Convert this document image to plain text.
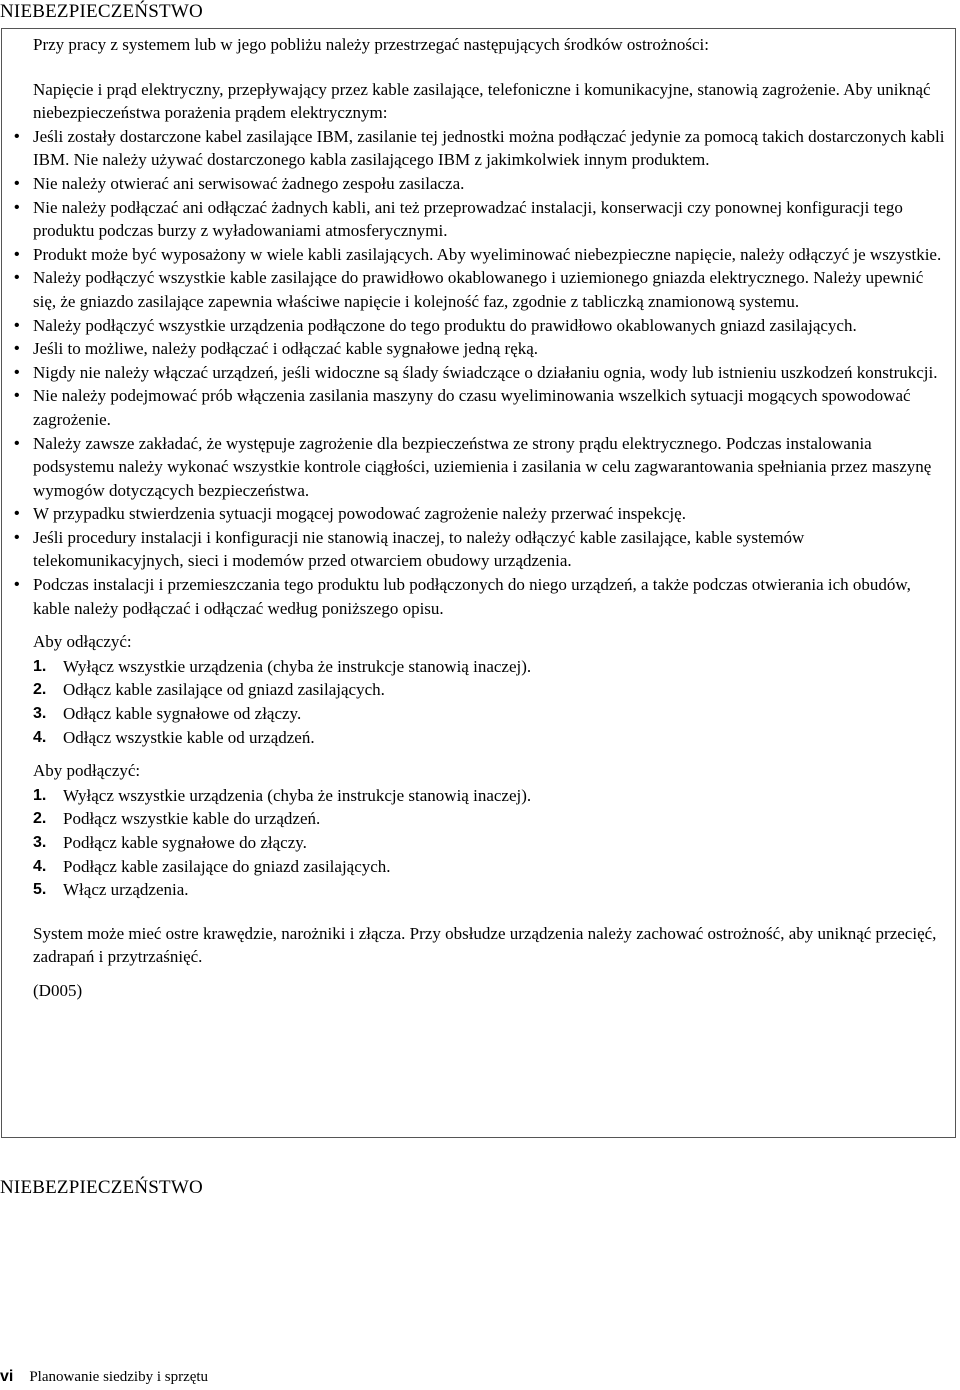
NIEBEZPIECZEŃSTWO

Przy pracy z systemem lub w jego pobliżu należy przestrzegać następujących środków ostrożności:

Napięcie i prąd elektryczny, przepływający przez kable zasilające, telefoniczne i komunikacyjne, stanowią zagrożenie. Aby uniknąć niebezpieczeństwa porażenia prądem elektrycznym:

• Jeśli zostały dostarczone kabel zasilające IBM, zasilanie tej jednostki można podłączać jedynie za pomocą takich dostarczonych kabli IBM. Nie należy używać dostarczonego kabla zasilającego IBM z jakimkolwiek innym produktem.
• Nie należy otwierać ani serwisować żadnego zespołu zasilacza.
• Nie należy podłączać ani odłączać żadnych kabli, ani też przeprowadzać instalacji, konserwacji czy ponownej konfiguracji tego produktu podczas burzy z wyładowaniami atmosferycznymi.
• Produkt może być wyposażony w wiele kabli zasilających. Aby wyeliminować niebezpieczne napięcie, należy odłączyć je wszystkie.
• Należy podłączyć wszystkie kable zasilające do prawidłowo okablowanego i uziemionego gniazda elektrycznego. Należy upewnić się, że gniazdo zasilające zapewnia właściwe napięcie i kolejność faz, zgodnie z tabliczką znamionową systemu.
• Należy podłączyć wszystkie urządzenia podłączone do tego produktu do prawidłowo okablowanych gniazd zasilających.
• Jeśli to możliwe, należy podłączać i odłączać kable sygnałowe jedną ręką.
• Nigdy nie należy włączać urządzeń, jeśli widoczne są ślady świadczące o działaniu ognia, wody lub istnieniu uszkodzeń konstrukcji.
• Nie należy podejmować prób włączenia zasilania maszyny do czasu wyeliminowania wszelkich sytuacji mogących spowodować zagrożenie.
• Należy zawsze zakładać, że występuje zagrożenie dla bezpieczeństwa ze strony prądu elektrycznego. Podczas instalowania podsystemu należy wykonać wszystkie kontrole ciągłości, uziemienia i zasilania w celu zagwarantowania spełniania przez maszynę wymogów dotyczących bezpieczeństwa.
• W przypadku stwierdzenia sytuacji mogącej powodować zagrożenie należy przerwać inspekcję.
• Jeśli procedury instalacji i konfiguracji nie stanowią inaczej, to należy odłączyć kable zasilające, kable systemów telekomunikacyjnych, sieci i modemów przed otwarciem obudowy urządzenia.
• Podczas instalacji i przemieszczania tego produktu lub podłączonych do niego urządzeń, a także podczas otwierania ich obudów, kable należy podłączać i odłączać według poniższego opisu.

Aby odłączyć:

1. Wyłącz wszystkie urządzenia (chyba że instrukcje stanowią inaczej).
2. Odłącz kable zasilające od gniazd zasilających.
3. Odłącz kable sygnałowe od złączy.
4. Odłącz wszystkie kable od urządzeń.

Aby podłączyć:

1. Wyłącz wszystkie urządzenia (chyba że instrukcje stanowią inaczej).
2. Podłącz wszystkie kable do urządzeń.
3. Podłącz kable sygnałowe do złączy.
4. Podłącz kable zasilające do gniazd zasilających.
5. Włącz urządzenia.

System może mieć ostre krawędzie, narożniki i złącza. Przy obsłudze urządzenia należy zachować ostrożność, aby uniknąć przecięć, zadrapań i przytrzaśnięć.

(D005)

NIEBEZPIECZEŃSTWO
vi Planowanie siedziby i sprzętu
